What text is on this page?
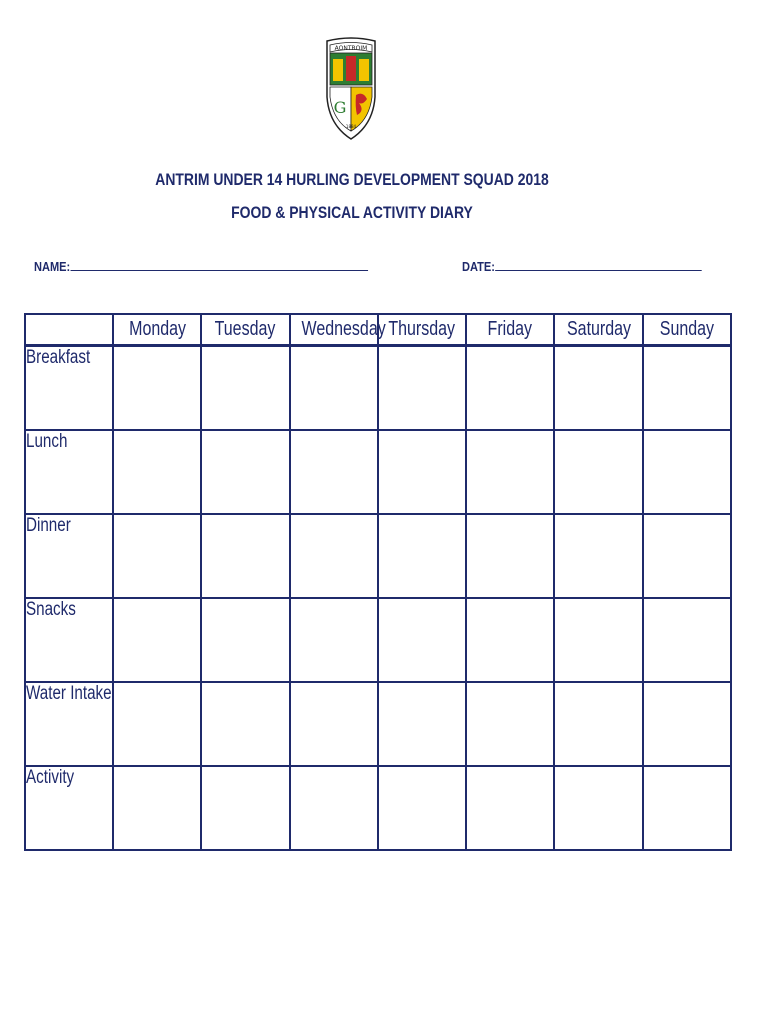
AONTROIM
G
1884
ANTRIM UNDER 14 HURLING DEVELOPMENT SQUAD 2018
FOOD & PHYSICAL ACTIVITY DIARY
NAME:	DATE:
	Monday	Tuesday	Wednesday	Thursday	Friday	Saturday	Sunday
Breakfast							
Lunch							
Dinner							
Snacks							
Water Intake							
Activity							
